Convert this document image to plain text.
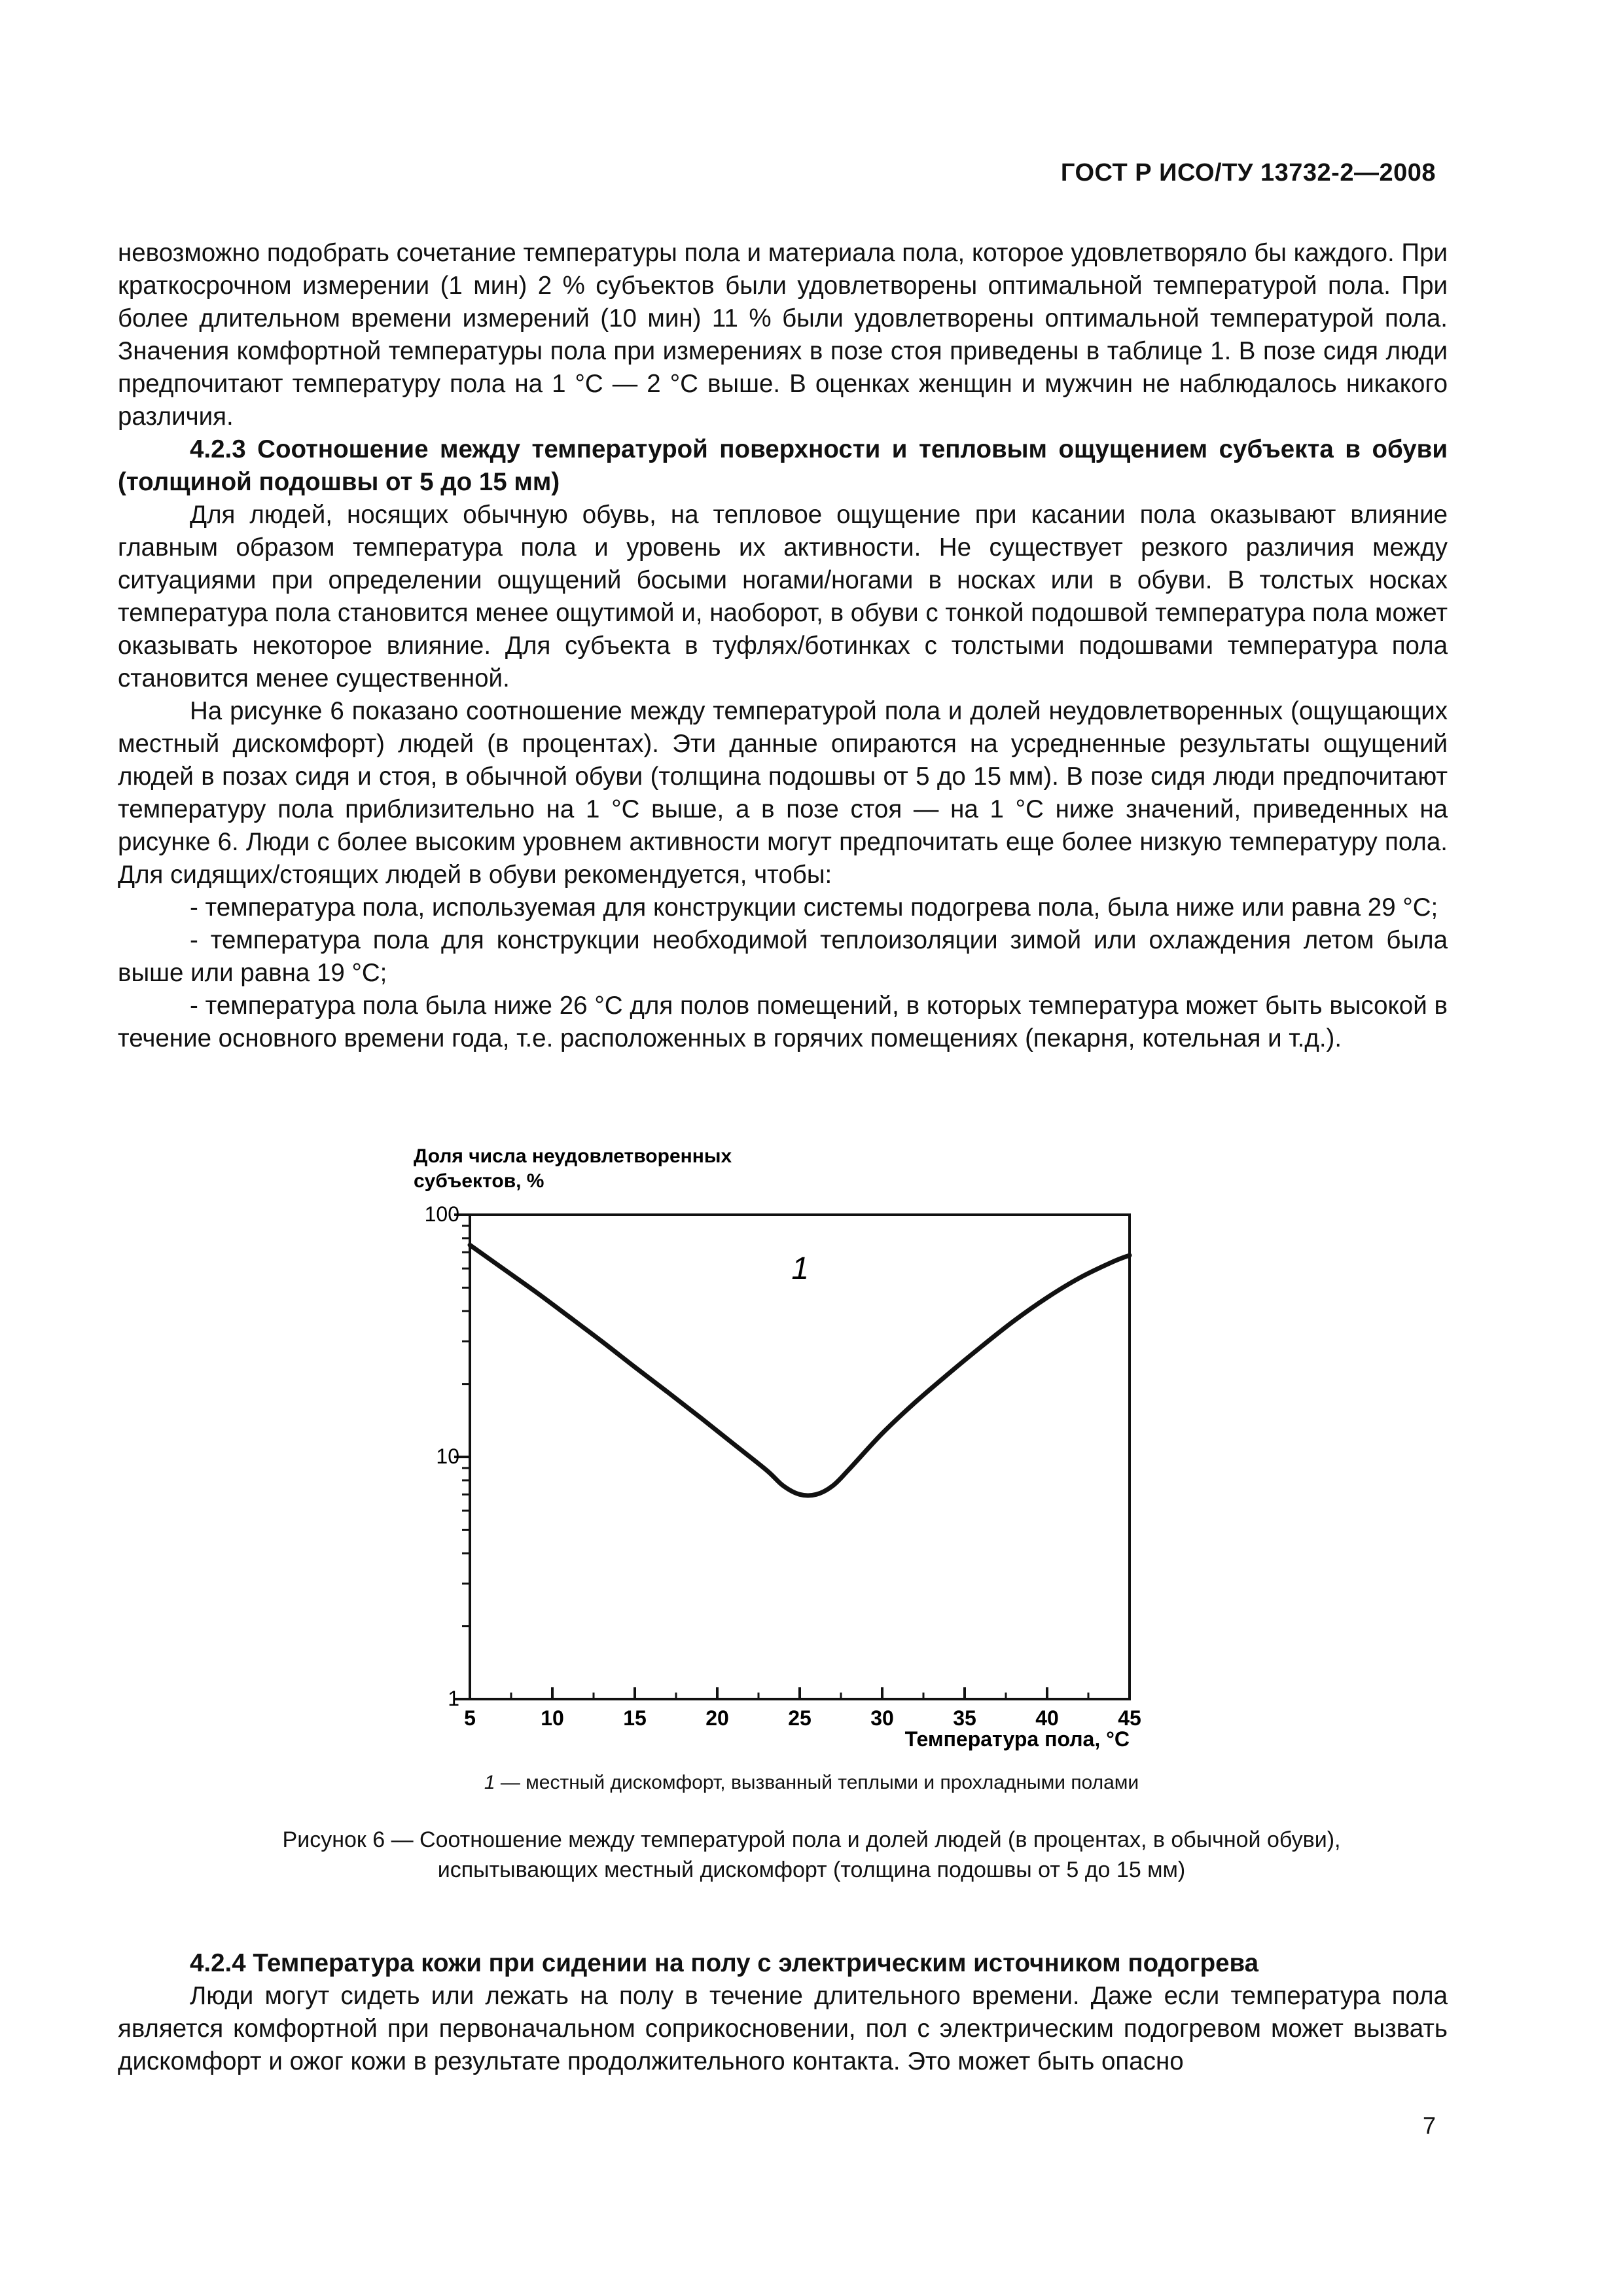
ГОСТ Р ИСО/ТУ 13732-2—2008

невозможно подобрать сочетание температуры пола и материала пола, которое удовлетворяло бы каждого. При краткосрочном измерении (1 мин) 2 % субъектов были удовлетворены оптимальной температурой пола. При более длительном времени измерений (10 мин) 11 % были удовлетворены оптимальной температурой пола. Значения комфортной температуры пола при измерениях в позе стоя приведены в таблице 1. В позе сидя люди предпочитают температуру пола на 1 °С — 2 °С выше. В оценках женщин и мужчин не наблюдалось никакого различия.

4.2.3 Соотношение между температурой поверхности и тепловым ощущением субъекта в обуви (толщиной подошвы от 5 до 15 мм)

Для людей, носящих обычную обувь, на тепловое ощущение при касании пола оказывают влияние главным образом температура пола и уровень их активности. Не существует резкого различия между ситуациями при определении ощущений босыми ногами/ногами в носках или в обуви. В толстых носках температура пола становится менее ощутимой и, наоборот, в обуви с тонкой подошвой температура пола может оказывать некоторое влияние. Для субъекта в туфлях/ботинках с толстыми подошвами температура пола становится менее существенной.

На рисунке 6 показано соотношение между температурой пола и долей неудовлетворенных (ощущающих местный дискомфорт) людей (в процентах). Эти данные опираются на усредненные результаты ощущений людей в позах сидя и стоя, в обычной обуви (толщина подошвы от 5 до 15 мм). В позе сидя люди предпочитают температуру пола приблизительно на 1 °С выше, а в позе стоя — на 1 °С ниже значений, приведенных на рисунке 6. Люди с более высоким уровнем активности могут предпочитать еще более низкую температуру пола. Для сидящих/стоящих людей в обуви рекомендуется, чтобы:

- температура пола, используемая для конструкции системы подогрева пола, была ниже или равна 29 °С;

- температура пола для конструкции необходимой теплоизоляции зимой или охлаждения летом была выше или равна 19 °С;

- температура пола была ниже 26 °С для полов помещений, в которых температура может быть высокой в течение основного времени года, т.е. расположенных в горячих помещениях (пекарня, котельная и т.д.).

Доля числа неудовлетворенных
субъектов, %
1
10
100
5	10	15	20	25	30	35	40	45
1
Температура пола, °С
1 — местный дискомфорт, вызванный теплыми и прохладными полами
Рисунок 6 — Соотношение между температурой пола и долей людей (в процентах, в обычной обуви),
испытывающих местный дискомфорт (толщина подошвы от 5 до 15 мм)

4.2.4 Температура кожи при сидении на полу с электрическим источником подогрева

Люди могут сидеть или лежать на полу в течение длительного времени. Даже если температура пола является комфортной при первоначальном соприкосновении, пол с электрическим подогревом может вызвать дискомфорт и ожог кожи в результате продолжительного контакта. Это может быть опасно

7
